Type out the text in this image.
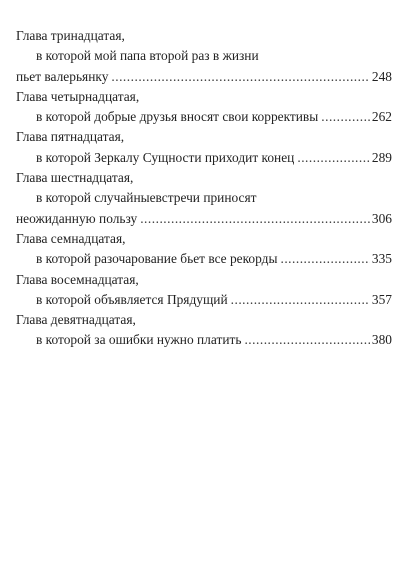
Глава тринадцатая,
в которой мой папа второй раз в жизни
пьет валерьянку .....	248
Глава четырнадцатая,
в которой добрые друзья вносят свои коррективы .....	262
Глава пятнадцатая,
в которой Зеркалу Сущности приходит конец .....	289
Глава шестнадцатая,
в которой случайныевстречи приносят
неожиданную пользу .....	306
Глава семнадцатая,
в которой разочарование бьет все рекорды .....	335
Глава восемнадцатая,
в которой объявляется Прядущий .....	357
Глава девятнадцатая,
в которой за ошибки нужно платить .....	380
